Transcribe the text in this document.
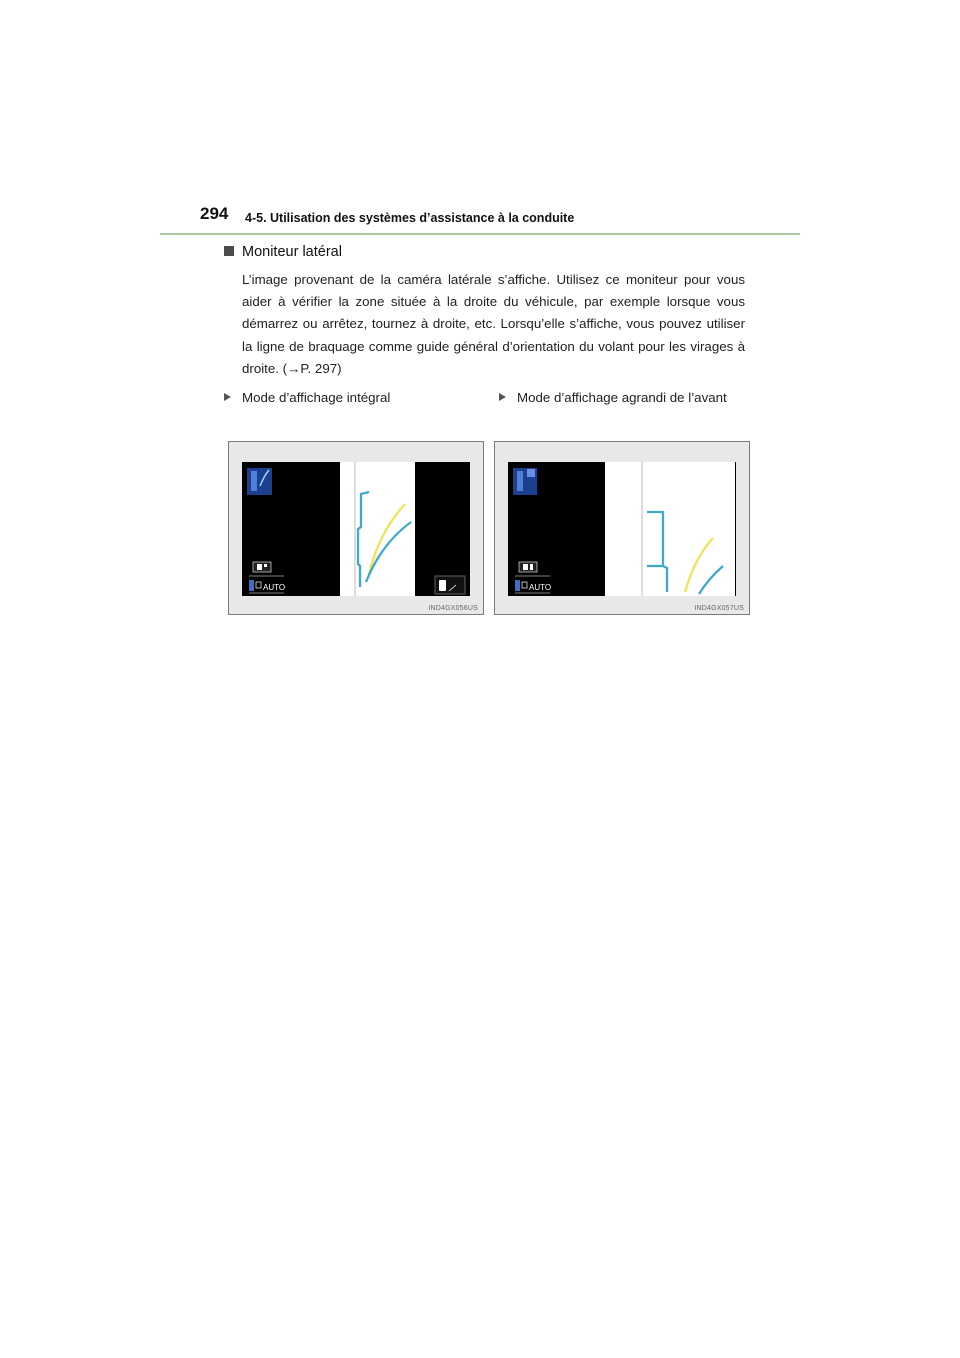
294 4-5. Utilisation des systèmes d’assistance à la conduite
Moniteur latéral
L’image provenant de la caméra latérale s’affiche. Utilisez ce moniteur pour vous aider à vérifier la zone située à la droite du véhicule, par exemple lorsque vous démarrez ou arrêtez, tournez à droite, etc. Lorsqu’elle s’affiche, vous pouvez utiliser la ligne de braquage comme guide général d’orientation du volant pour les virages à droite. (→P. 297)
Mode d’affichage intégral	Mode d’affichage agrandi de l’avant
AUTO
IND4GX056US
AUTO
IND4GX057US
